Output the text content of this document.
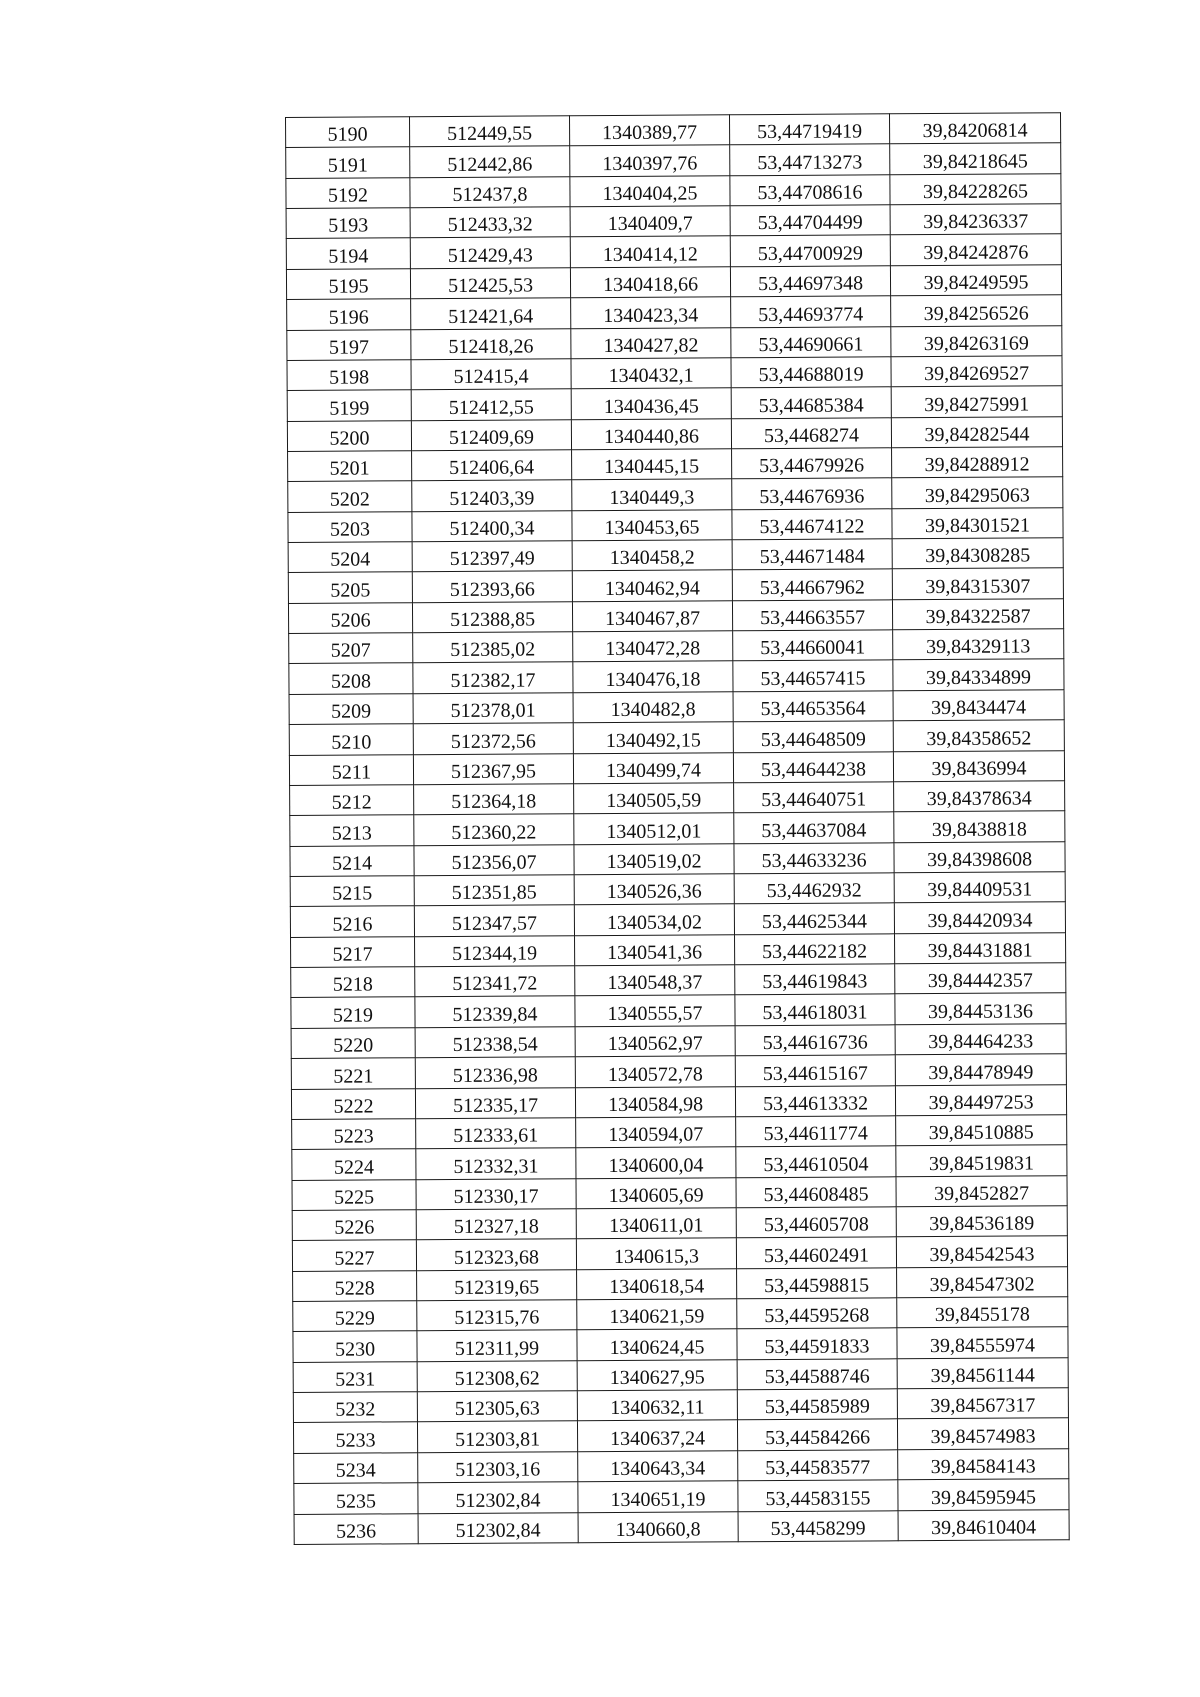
5190	512449,55	1340389,77	53,44719419	39,84206814
5191	512442,86	1340397,76	53,44713273	39,84218645
5192	512437,8	1340404,25	53,44708616	39,84228265
5193	512433,32	1340409,7	53,44704499	39,84236337
5194	512429,43	1340414,12	53,44700929	39,84242876
5195	512425,53	1340418,66	53,44697348	39,84249595
5196	512421,64	1340423,34	53,44693774	39,84256526
5197	512418,26	1340427,82	53,44690661	39,84263169
5198	512415,4	1340432,1	53,44688019	39,84269527
5199	512412,55	1340436,45	53,44685384	39,84275991
5200	512409,69	1340440,86	53,4468274	39,84282544
5201	512406,64	1340445,15	53,44679926	39,84288912
5202	512403,39	1340449,3	53,44676936	39,84295063
5203	512400,34	1340453,65	53,44674122	39,84301521
5204	512397,49	1340458,2	53,44671484	39,84308285
5205	512393,66	1340462,94	53,44667962	39,84315307
5206	512388,85	1340467,87	53,44663557	39,84322587
5207	512385,02	1340472,28	53,44660041	39,84329113
5208	512382,17	1340476,18	53,44657415	39,84334899
5209	512378,01	1340482,8	53,44653564	39,8434474
5210	512372,56	1340492,15	53,44648509	39,84358652
5211	512367,95	1340499,74	53,44644238	39,8436994
5212	512364,18	1340505,59	53,44640751	39,84378634
5213	512360,22	1340512,01	53,44637084	39,8438818
5214	512356,07	1340519,02	53,44633236	39,84398608
5215	512351,85	1340526,36	53,4462932	39,84409531
5216	512347,57	1340534,02	53,44625344	39,84420934
5217	512344,19	1340541,36	53,44622182	39,84431881
5218	512341,72	1340548,37	53,44619843	39,84442357
5219	512339,84	1340555,57	53,44618031	39,84453136
5220	512338,54	1340562,97	53,44616736	39,84464233
5221	512336,98	1340572,78	53,44615167	39,84478949
5222	512335,17	1340584,98	53,44613332	39,84497253
5223	512333,61	1340594,07	53,44611774	39,84510885
5224	512332,31	1340600,04	53,44610504	39,84519831
5225	512330,17	1340605,69	53,44608485	39,8452827
5226	512327,18	1340611,01	53,44605708	39,84536189
5227	512323,68	1340615,3	53,44602491	39,84542543
5228	512319,65	1340618,54	53,44598815	39,84547302
5229	512315,76	1340621,59	53,44595268	39,8455178
5230	512311,99	1340624,45	53,44591833	39,84555974
5231	512308,62	1340627,95	53,44588746	39,84561144
5232	512305,63	1340632,11	53,44585989	39,84567317
5233	512303,81	1340637,24	53,44584266	39,84574983
5234	512303,16	1340643,34	53,44583577	39,84584143
5235	512302,84	1340651,19	53,44583155	39,84595945
5236	512302,84	1340660,8	53,4458299	39,84610404
